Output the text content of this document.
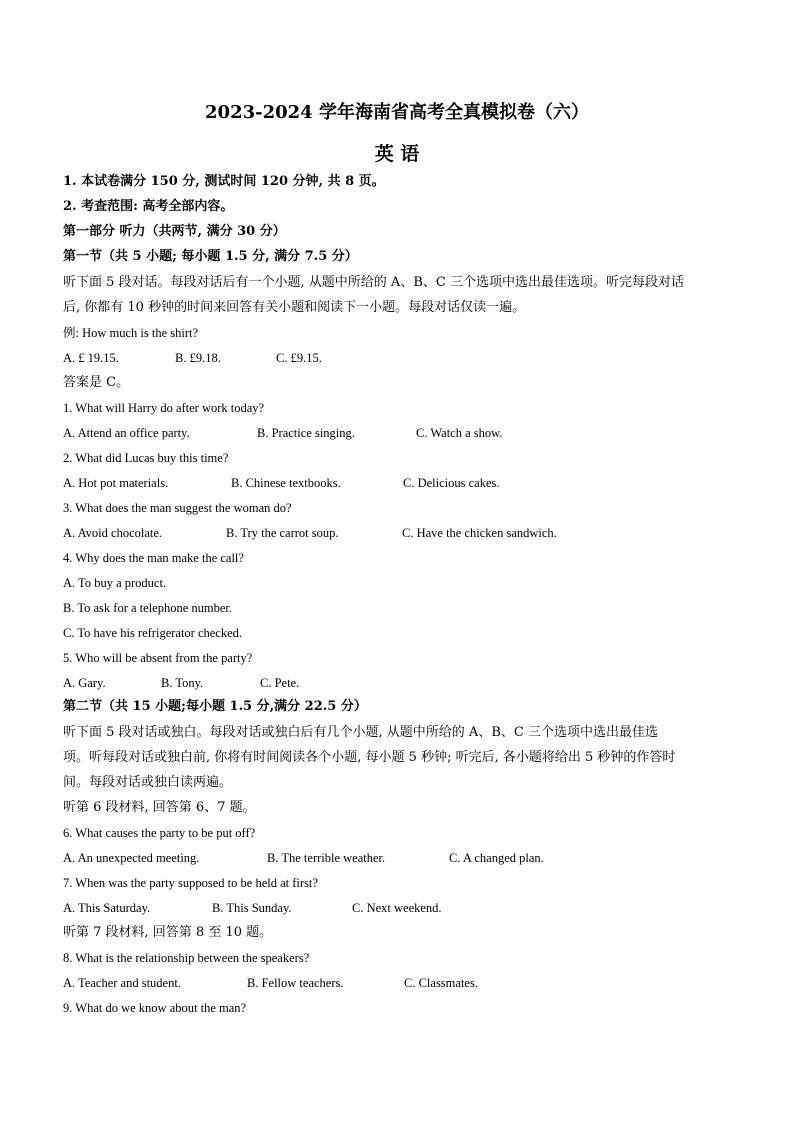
2023-2024 学年海南省高考全真模拟卷（六）
英 语
1. 本试卷满分 150 分, 测试时间 120 分钟, 共 8 页。
2. 考查范围: 高考全部内容。
第一部分 听力（共两节, 满分 30 分）
第一节（共 5 小题; 每小题 1.5 分, 满分 7.5 分）
听下面 5 段对话。每段对话后有一个小题, 从题中所给的 A、B、C 三个选项中选出最佳选项。听完每段对话
后, 你都有 10 秒钟的时间来回答有关小题和阅读下一小题。每段对话仅读一遍。
例: How much is the shirt?
A. £ 19.15.	B. £9.18.	C. £9.15.
答案是 C。
1. What will Harry do after work today?
A. Attend an office party.	B. Practice singing.	C. Watch a show.
2. What did Lucas buy this time?
A. Hot pot materials.	B. Chinese textbooks.	C. Delicious cakes.
3. What does the man suggest the woman do?
A. Avoid chocolate.	B. Try the carrot soup.	C. Have the chicken sandwich.
4. Why does the man make the call?
A. To buy a product.
B. To ask for a telephone number.
C. To have his refrigerator checked.
5. Who will be absent from the party?
A. Gary.	B. Tony.	C. Pete.
第二节（共 15 小题;每小题 1.5 分,满分 22.5 分）
听下面 5 段对话或独白。每段对话或独白后有几个小题, 从题中所给的 A、B、C 三个选项中选出最佳选
项。听每段对话或独白前, 你将有时间阅读各个小题, 每小题 5 秒钟; 听完后, 各小题将给出 5 秒钟的作答时
间。每段对话或独白读两遍。
听第 6 段材料, 回答第 6、7 题。
6. What causes the party to be put off?
A. An unexpected meeting.	B. The terrible weather.	C. A changed plan.
7. When was the party supposed to be held at first?
A. This Saturday.	B. This Sunday.	C. Next weekend.
听第 7 段材料, 回答第 8 至 10 题。
8. What is the relationship between the speakers?
A. Teacher and student.	B. Fellow teachers.	C. Classmates.
9. What do we know about the man?
